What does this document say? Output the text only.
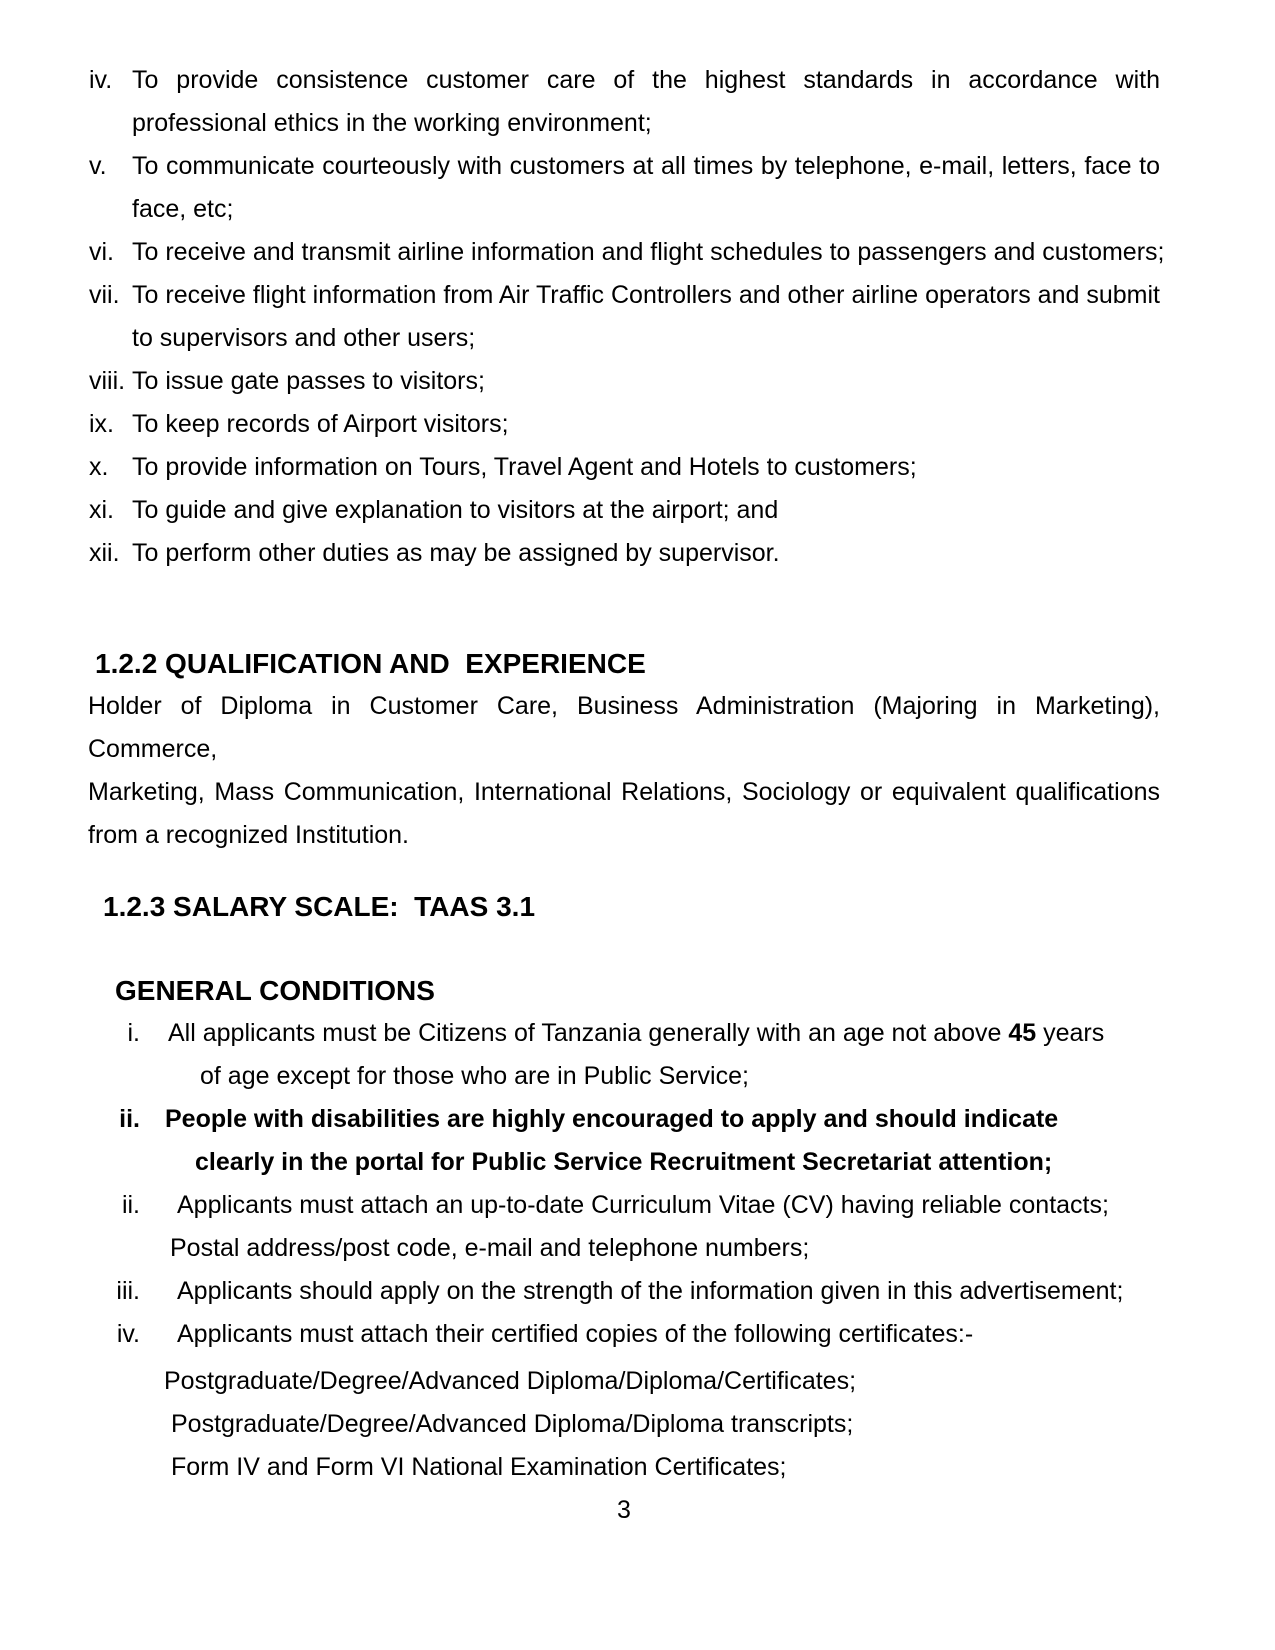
iv. To provide consistence customer care of the highest standards in accordance with
professional ethics in the working environment;
v.	To communicate courteously with customers at all times by telephone, e-mail, letters, face to
face, etc;
vi. To receive and transmit airline information and flight schedules to passengers and customers;
vii. To receive flight information from Air Traffic Controllers and other airline operators and submit
to supervisors and other users;
viii. To issue gate passes to visitors;
ix. To keep records of Airport visitors;
x. To provide information on Tours, Travel Agent and Hotels to customers;
xi. To guide and give explanation to visitors at the airport; and
xii. To perform other duties as may be assigned by supervisor.
1.2.2 QUALIFICATION AND  EXPERIENCE
Holder of Diploma in Customer Care, Business Administration (Majoring in Marketing), Commerce,
Marketing, Mass Communication, International Relations, Sociology or equivalent qualifications
from a recognized Institution.
1.2.3 SALARY SCALE:  TAAS 3.1
GENERAL CONDITIONS
i. All applicants must be Citizens of Tanzania generally with an age not above 45 years
of age except for those who are in Public Service;
ii. People with disabilities are highly encouraged to apply and should indicate
clearly in the portal for Public Service Recruitment Secretariat attention;
ii. Applicants must attach an up-to-date Curriculum Vitae (CV) having reliable contacts;
Postal address/post code, e-mail and telephone numbers;
iii. Applicants should apply on the strength of the information given in this advertisement;
iv. Applicants must attach their certified copies of the following certificates:-
Postgraduate/Degree/Advanced Diploma/Diploma/Certificates;
Postgraduate/Degree/Advanced Diploma/Diploma transcripts;
Form IV and Form VI National Examination Certificates;
3
